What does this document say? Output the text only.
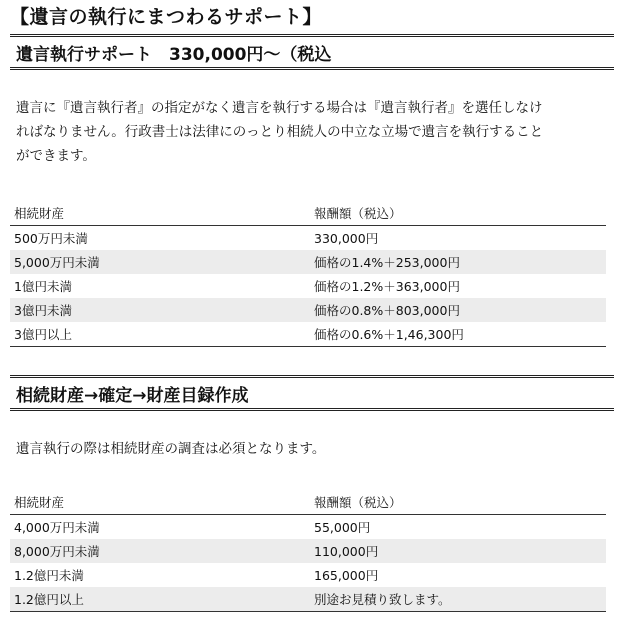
【遺言の執行にまつわるサポート】
遺言執行サポート　330,000円～（税込
遺言に『遺言執行者』の指定がなく遺言を執行する場合は『遺言執行者』を選任しなけ
ればなりません。行政書士は法律にのっとり相続人の中立な立場で遺言を執行すること
ができます。
相続財産	報酬額（税込）
500万円未満	330,000円
5,000万円未満	価格の1.4%＋253,000円
1億円未満	価格の1.2%＋363,000円
3億円未満	価格の0.8%＋803,000円
3億円以上	価格の0.6%＋1,46,300円
相続財産→確定→財産目録作成
遺言執行の際は相続財産の調査は必須となります。
相続財産	報酬額（税込）
4,000万円未満	55,000円
8,000万円未満	110,000円
1.2億円未満	165,000円
1.2億円以上	別途お見積り致します。
